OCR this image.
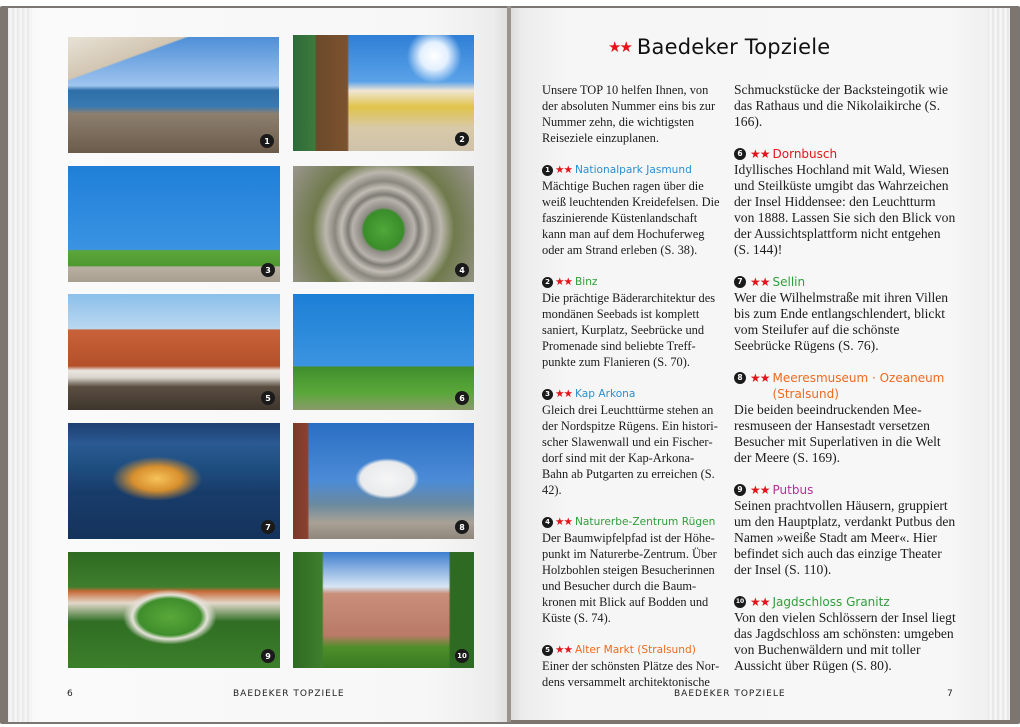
1	2
3	4
5	6
7	8
9	10
★★ Baedeker Topziele

Unsere TOP 10 helfen Ihnen, von der absoluten Nummer eins bis zur Nummer zehn, die wichtigsten Reiseziele einzuplanen.

1 ★★ Nationalpark Jasmund

Mächtige Buchen ragen über die weiß leuchtenden Kreidefelsen. Die faszinierende Küstenlandschaft kann man auf dem Hochuferweg oder am Strand erleben (S. 38).

2 ★★ Binz

Die prächtige Bäderarchitektur des mondänen Seebads ist komplett saniert, Kurplatz, Seebrücke und Promenade sind beliebte Treffpunkte zum Flanieren (S. 70).

3 ★★ Kap Arkona

Gleich drei Leuchttürme stehen an der Nordspitze Rügens. Ein historischer Slawenwall und ein Fischerdorf sind mit der Kap-Arkona-Bahn ab Putgarten zu erreichen (S. 42).

4 ★★ Naturerbe-Zentrum Rügen

Der Baumwipfelpfad ist der Höhepunkt im Naturerbe-Zentrum. Über Holzbohlen steigen Besucherinnen und Besucher durch die Baumkronen mit Blick auf Bodden und Küste (S. 74).

5 ★★ Alter Markt (Stralsund)

Einer der schönsten Plätze des Nordens versammelt architektonische

Schmuckstücke der Backsteingotik wie das Rathaus und die Nikolaikirche (S. 166).

6 ★★ Dornbusch

Idyllisches Hochland mit Wald, Wiesen und Steilküste umgibt das Wahrzeichen der Insel Hiddensee: den Leuchtturm von 1888. Lassen Sie sich den Blick von der Aussichtsplattform nicht entgehen (S. 144)!

7 ★★ Sellin

Wer die Wilhelmstraße mit ihren Villen bis zum Ende entlangschlendert, blickt vom Steilufer auf die schönste Seebrücke Rügens (S. 76).

8 ★★ Meeresmuseum · Ozeaneum (Stralsund)

Die beiden beeindruckenden Meeresmuseen der Hansestadt versetzen Besucher mit Superlativen in die Welt der Meere (S. 169).

9 ★★ Putbus

Seinen prachtvollen Häusern, gruppiert um den Hauptplatz, verdankt Putbus den Namen »weiße Stadt am Meer«. Hier befindet sich auch das einzige Theater der Insel (S. 110).

10 ★★ Jagdschloss Granitz

Von den vielen Schlössern der Insel liegt das Jagdschloss am schönsten: umgeben von Buchenwäldern und mit toller Aussicht über Rügen (S. 80).

6	BAEDEKER TOPZIELE	BAEDEKER TOPZIELE	7
